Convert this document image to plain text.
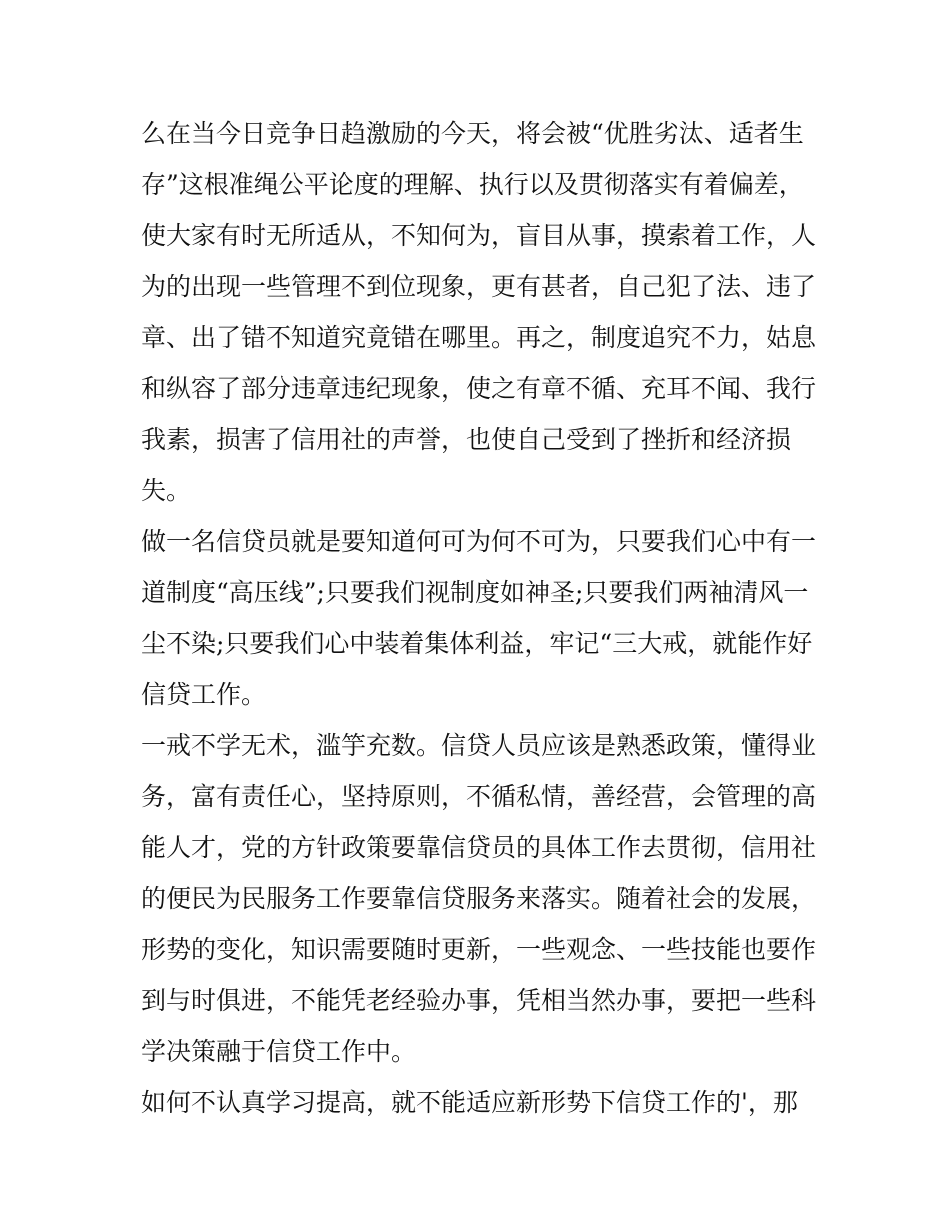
么在当今日竞争日趋激励的今天，将会被“优胜劣汰、适者生
存”这根准绳公平论度的理解、执行以及贯彻落实有着偏差，
使大家有时无所适从，不知何为，盲目从事，摸索着工作，人
为的出现一些管理不到位现象，更有甚者，自己犯了法、违了
章、出了错不知道究竟错在哪里。再之，制度追究不力，姑息
和纵容了部分违章违纪现象，使之有章不循、充耳不闻、我行
我素，损害了信用社的声誉，也使自己受到了挫折和经济损
失。

做一名信贷员就是要知道何可为何不可为，只要我们心中有一
道制度“高压线”;只要我们视制度如神圣;只要我们两袖清风一
尘不染;只要我们心中装着集体利益，牢记“三大戒，就能作好
信贷工作。

一戒不学无术，滥竽充数。信贷人员应该是熟悉政策，懂得业
务，富有责任心，坚持原则，不循私情，善经营，会管理的高
能人才，党的方针政策要靠信贷员的具体工作去贯彻，信用社
的便民为民服务工作要靠信贷服务来落实。随着社会的发展，
形势的变化，知识需要随时更新，一些观念、一些技能也要作
到与时俱进，不能凭老经验办事，凭相当然办事，要把一些科
学决策融于信贷工作中。

如何不认真学习提高，就不能适应新形势下信贷工作的'，那
